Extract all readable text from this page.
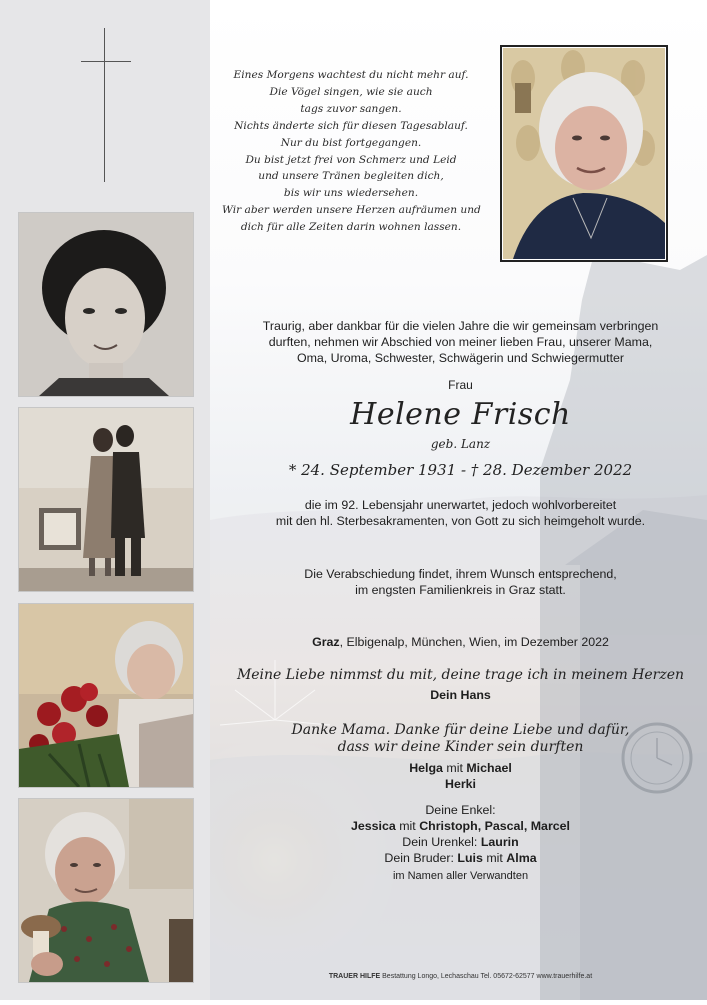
Eines Morgens wachtest du nicht mehr auf.
Die Vögel singen, wie sie auch
tags zuvor sangen.
Nichts änderte sich für diesen Tagesablauf.
Nur du bist fortgegangen.
Du bist jetzt frei von Schmerz und Leid
und unsere Tränen begleiten dich,
bis wir uns wiedersehen.
Wir aber werden unsere Herzen aufräumen und
dich für alle Zeiten darin wohnen lassen.
Traurig, aber dankbar für die vielen Jahre die wir gemeinsam verbringen
durften, nehmen wir Abschied von meiner lieben Frau, unserer Mama,
Oma, Uroma, Schwester, Schwägerin und Schwiegermutter
Frau
Helene Frisch
geb. Lanz
* 24. September 1931 - † 28. Dezember 2022
die im 92. Lebensjahr unerwartet, jedoch wohlvorbereitet
mit den hl. Sterbesakramenten, von Gott zu sich heimgeholt wurde.
Die Verabschiedung findet, ihrem Wunsch entsprechend,
im engsten Familienkreis in Graz statt.
Graz, Elbigenalp, München, Wien, im Dezember 2022
Meine Liebe nimmst du mit, deine trage ich in meinem Herzen
Dein Hans
Danke Mama. Danke für deine Liebe und dafür,
dass wir deine Kinder sein durften
Helga mit Michael
Herki
Deine Enkel:
Jessica mit Christoph, Pascal, Marcel
Dein Urenkel: Laurin
Dein Bruder: Luis mit Alma
im Namen aller Verwandten
TRAUER HILFE Bestattung Longo, Lechaschau Tel. 05672-62577 www.trauerhilfe.at
